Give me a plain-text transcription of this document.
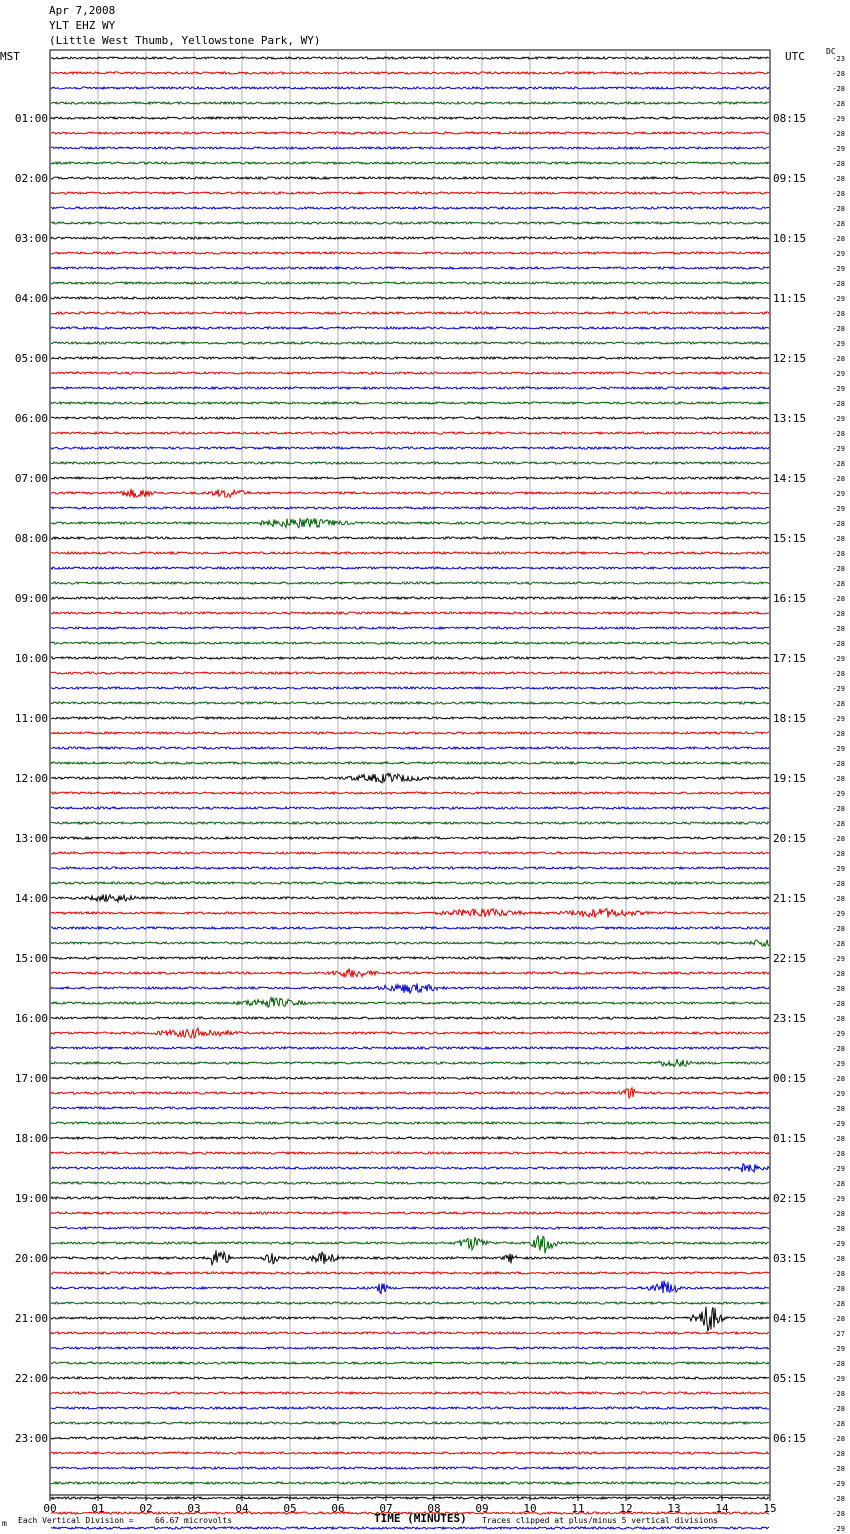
Apr 7,2008
YLT EHZ WY
(Little West Thumb, Yellowstone Park, WY)
MST	UTC	DC
00	01	02	03	04	05	06	07	08	09	10	11	12	13	14	15
-23
-28
-28
-28
-29
01:00	08:15
-28
-29
-28
-28
02:00	09:15
-28
-28
-28
-28
03:00	10:15
-29
-29
-28
-29
04:00	11:15
-28
-28
-29
-28
05:00	12:15
-29
-29
-28
-29
06:00	13:15
-28
-29
-28
-28
07:00	14:15
-29
-29
-28
-28
08:00	15:15
-28
-28
-28
-28
09:00	16:15
-28
-28
-28
-29
10:00	17:15
-28
-29
-28
-29
11:00	18:15
-28
-29
-28
-28
12:00	19:15
-29
-28
-28
-28
13:00	20:15
-28
-29
-28
-28
14:00	21:15
-29
-28
-28
-29
15:00	22:15
-28
-28
-28
-28
16:00	23:15
-29
-28
-29
-28
17:00	00:15
-29
-28
-29
-28
18:00	01:15
-28
-29
-28
-29
19:00	02:15
-28
-28
-29
-28
20:00	03:15
-28
-28
-28
-28
21:00	04:15
-27
-29
-28
-29
22:00	05:15
-28
-28
-28
-28
23:00	06:15
-28
-28
-29
-28
-28
-29
Each Vertical Division =	66.67 microvolts	TIME (MINUTES) Traces clipped at plus/minus 5 vertical divisions
m
